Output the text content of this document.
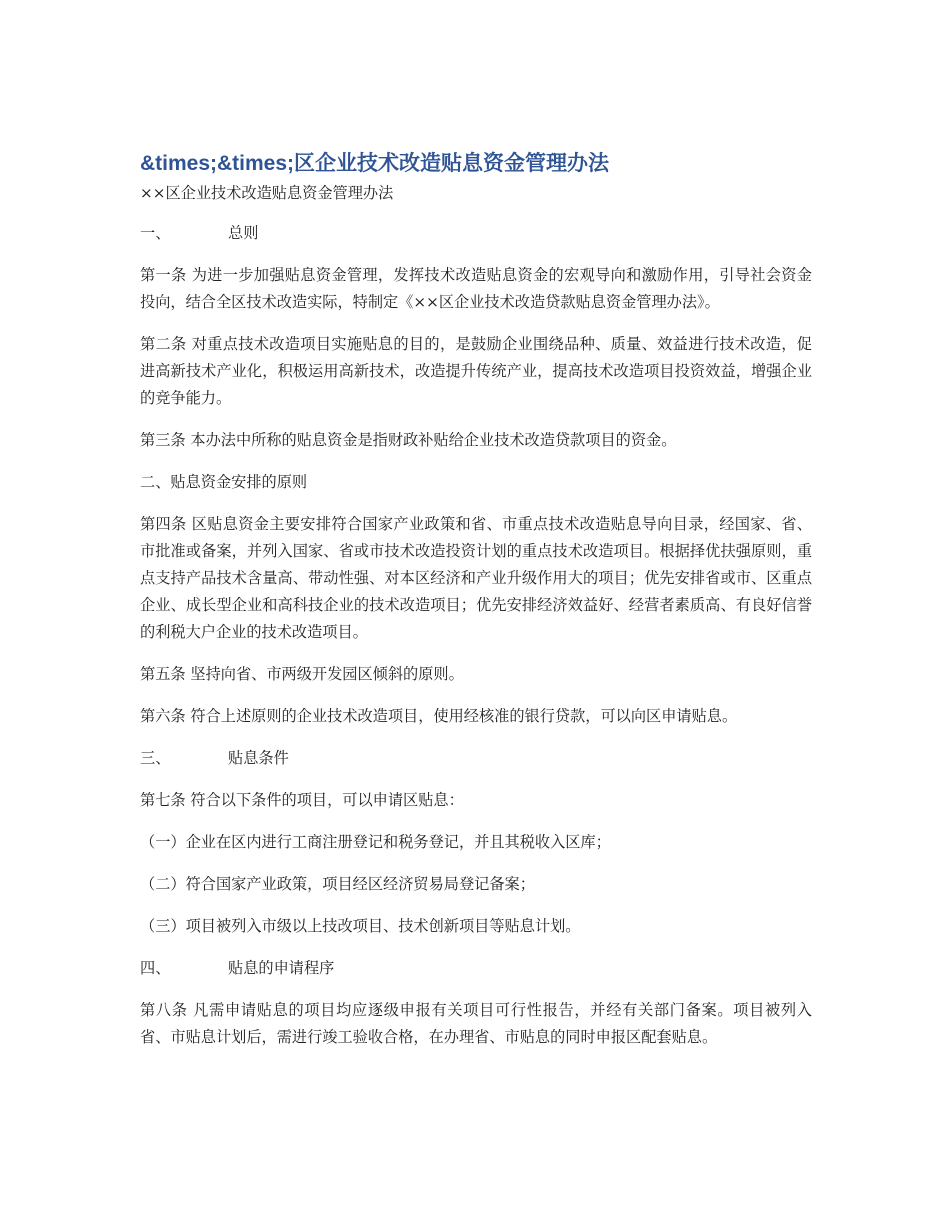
&times;&times;区企业技术改造贴息资金管理办法

××区企业技术改造贴息资金管理办法

一、	总则

第一条 为进一步加强贴息资金管理，发挥技术改造贴息资金的宏观导向和激励作用，引导社会资金投向，结合全区技术改造实际，特制定《××区企业技术改造贷款贴息资金管理办法》。

第二条 对重点技术改造项目实施贴息的目的，是鼓励企业围绕品种、质量、效益进行技术改造，促进高新技术产业化，积极运用高新技术，改造提升传统产业，提高技术改造项目投资效益，增强企业的竞争能力。

第三条 本办法中所称的贴息资金是指财政补贴给企业技术改造贷款项目的资金。

二、贴息资金安排的原则

第四条 区贴息资金主要安排符合国家产业政策和省、市重点技术改造贴息导向目录，经国家、省、市批准或备案，并列入国家、省或市技术改造投资计划的重点技术改造项目。根据择优扶强原则，重点支持产品技术含量高、带动性强、对本区经济和产业升级作用大的项目；优先安排省或市、区重点企业、成长型企业和高科技企业的技术改造项目；优先安排经济效益好、经营者素质高、有良好信誉的利税大户企业的技术改造项目。

第五条 坚持向省、市两级开发园区倾斜的原则。

第六条 符合上述原则的企业技术改造项目，使用经核准的银行贷款，可以向区申请贴息。

三、	贴息条件

第七条 符合以下条件的项目，可以申请区贴息：

（一）企业在区内进行工商注册登记和税务登记，并且其税收入区库；

（二）符合国家产业政策，项目经区经济贸易局登记备案；

（三）项目被列入市级以上技改项目、技术创新项目等贴息计划。

四、	贴息的申请程序

第八条 凡需申请贴息的项目均应逐级申报有关项目可行性报告，并经有关部门备案。项目被列入省、市贴息计划后，需进行竣工验收合格，在办理省、市贴息的同时申报区配套贴息。
